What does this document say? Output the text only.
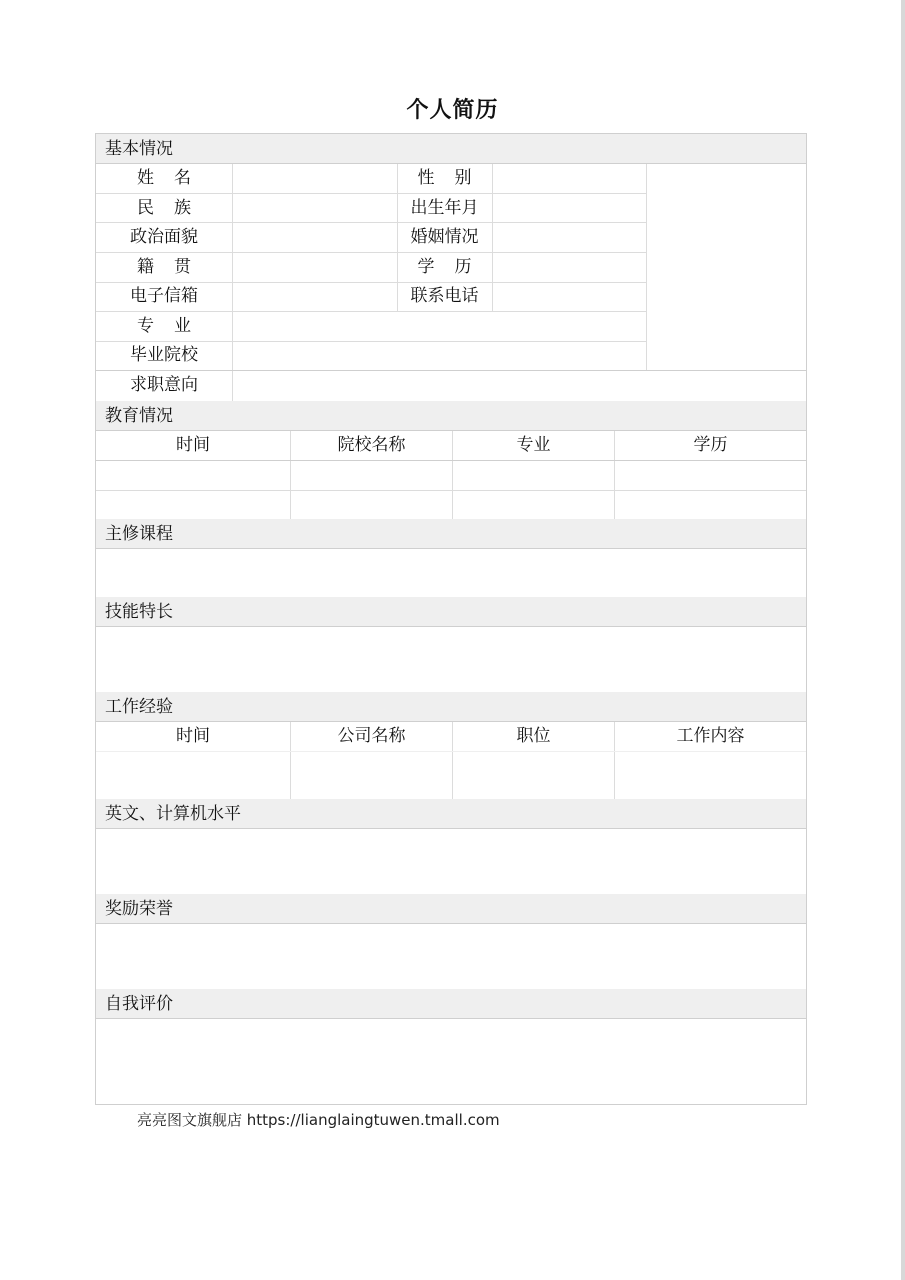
个人简历
基本情况
姓名	性别
民族	出生年月
政治面貌	婚姻情况
籍贯	学历
电子信箱	联系电话
专业
毕业院校
求职意向
教育情况
时间	院校名称	专业	学历
主修课程
技能特长
工作经验
时间	公司名称	职位	工作内容
英文、计算机水平
奖励荣誉
自我评价
亮亮图文旗舰店 https://lianglaingtuwen.tmall.com
